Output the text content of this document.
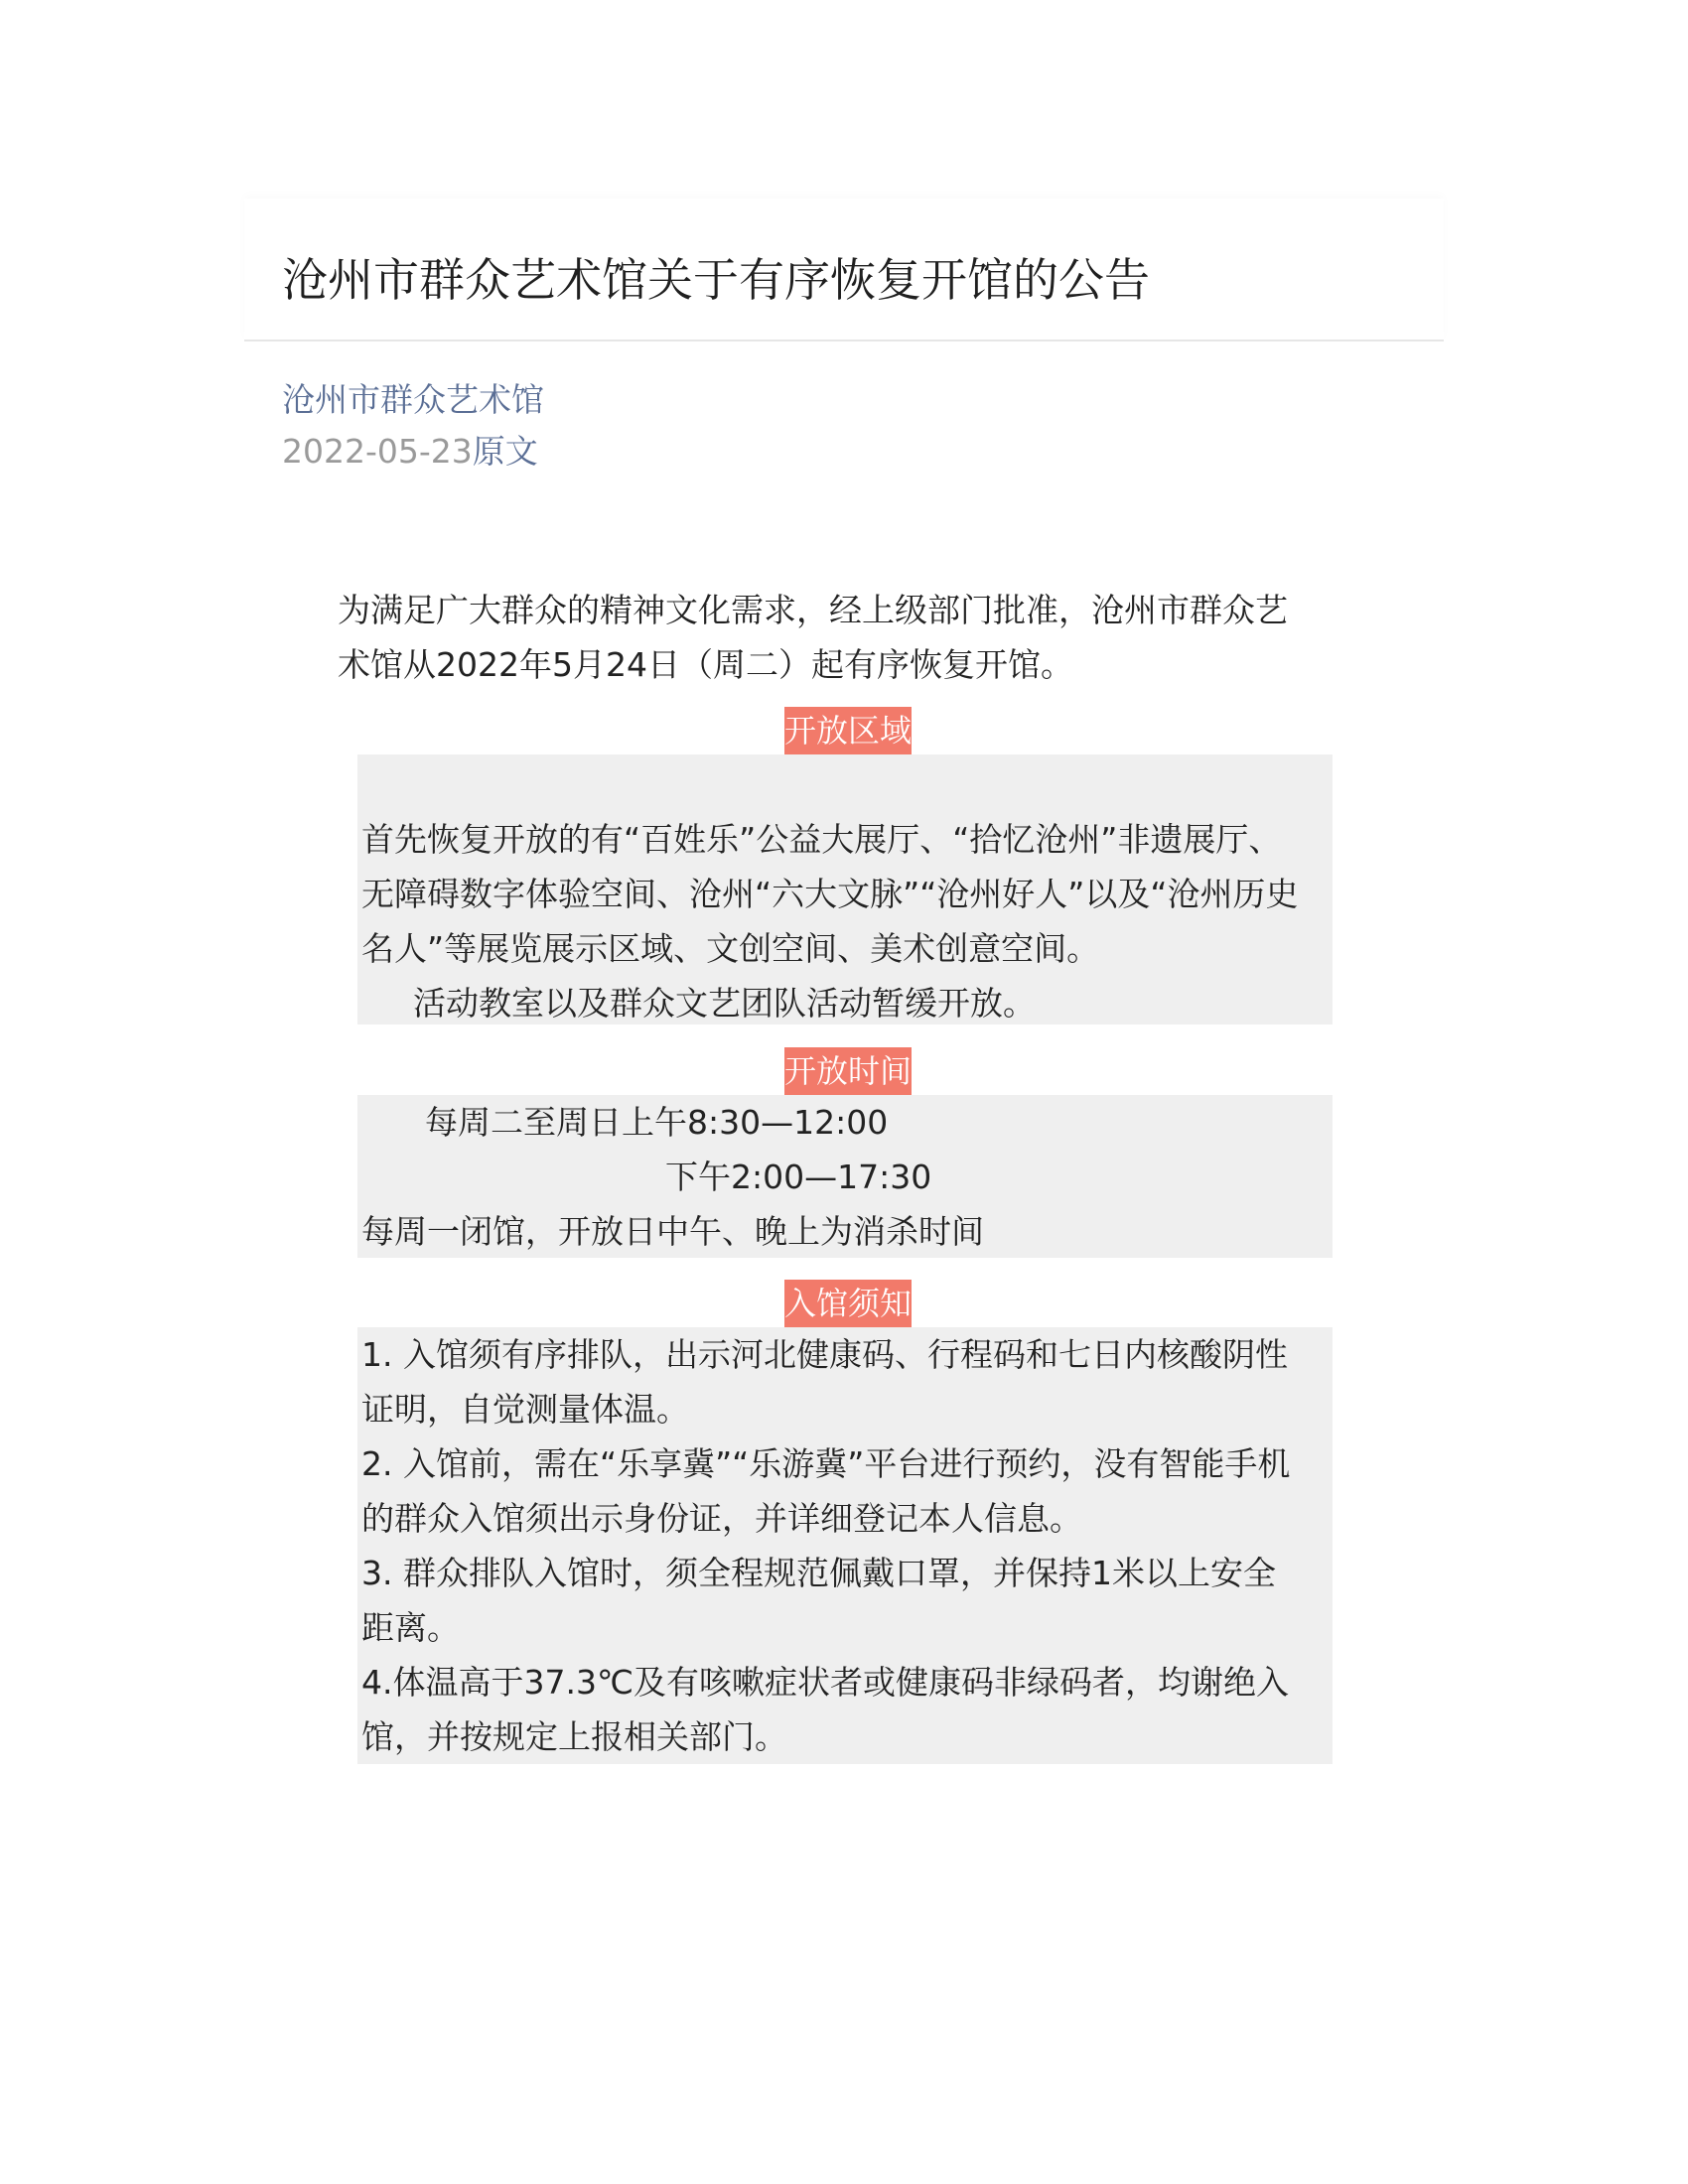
沧州市群众艺术馆关于有序恢复开馆的公告
沧州市群众艺术馆
2022-05-23原文
为满足广大群众的精神文化需求，经上级部门批准，沧州市群众艺
术馆从2022年5月24日（周二）起有序恢复开馆。
开放区域

首先恢复开放的有“百姓乐”公益大展厅、“拾忆沧州”非遗展厅、

无障碍数字体验空间、沧州“六大文脉”“沧州好人”以及“沧州历史

名人”等展览展示区域、文创空间、美术创意空间。

活动教室以及群众文艺团队活动暂缓开放。

开放时间

每周二至周日上午8:30—12:00

下午2:00—17:30

每周一闭馆，开放日中午、晚上为消杀时间

入馆须知

1. 入馆须有序排队，出示河北健康码、行程码和七日内核酸阴性

证明，自觉测量体温。

2. 入馆前，需在“乐享冀”“乐游冀”平台进行预约，没有智能手机

的群众入馆须出示身份证，并详细登记本人信息。

3. 群众排队入馆时，须全程规范佩戴口罩，并保持1米以上安全

距离。

4.体温高于37.3℃及有咳嗽症状者或健康码非绿码者，均谢绝入

馆，并按规定上报相关部门。
